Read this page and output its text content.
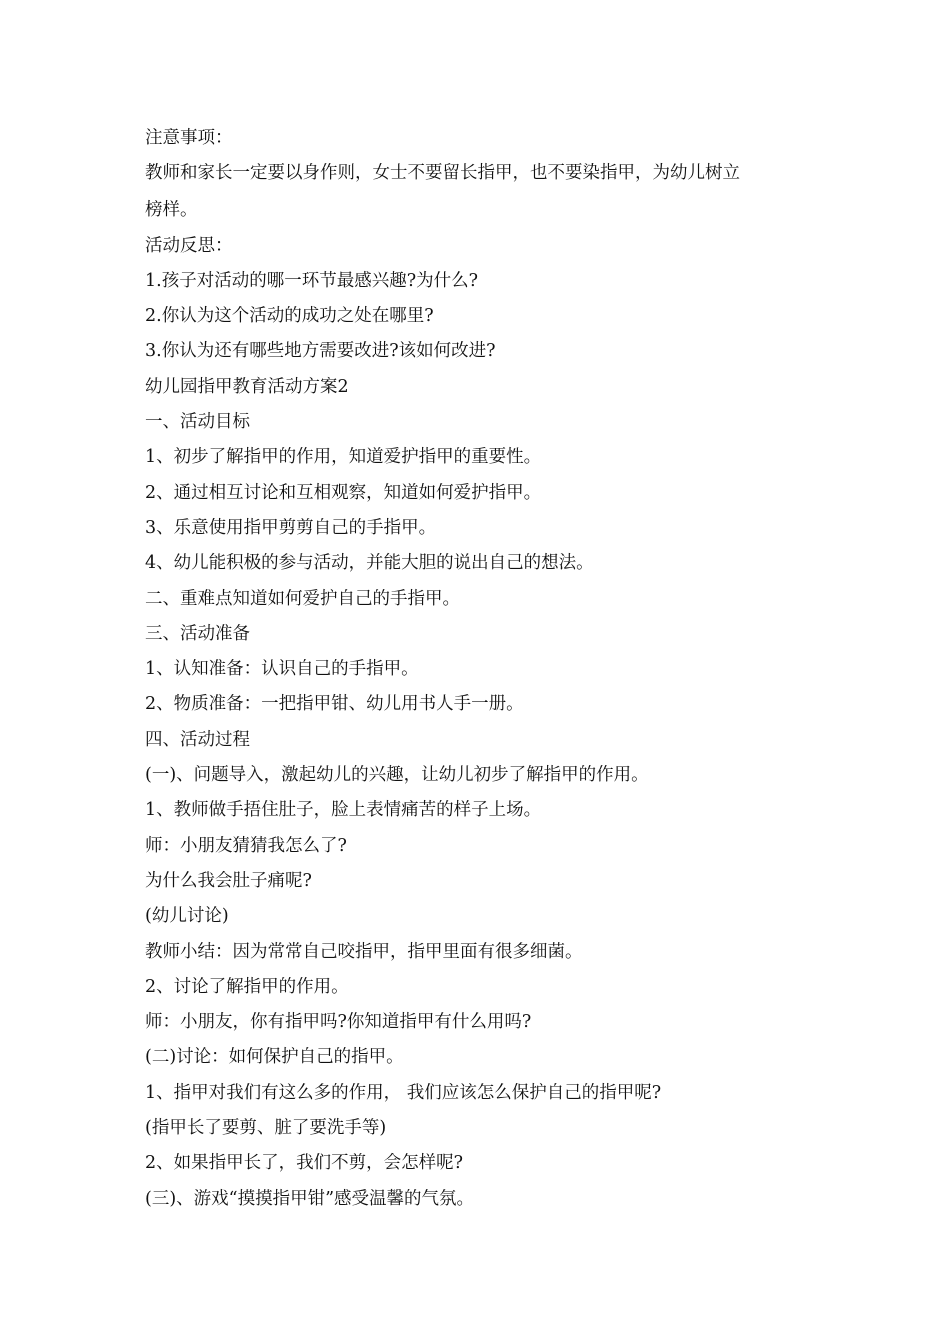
注意事项：
教师和家长一定要以身作则，女士不要留长指甲，也不要染指甲，为幼儿树立
榜样。
活动反思：
1.孩子对活动的哪一环节最感兴趣?为什么?
2.你认为这个活动的成功之处在哪里?
3.你认为还有哪些地方需要改进?该如何改进?
幼儿园指甲教育活动方案2
一、活动目标
1、初步了解指甲的作用，知道爱护指甲的重要性。
2、通过相互讨论和互相观察，知道如何爱护指甲。
3、乐意使用指甲剪剪自己的手指甲。
4、幼儿能积极的参与活动，并能大胆的说出自己的想法。
二、重难点知道如何爱护自己的手指甲。
三、活动准备
1、认知准备：认识自己的手指甲。
2、物质准备：一把指甲钳、幼儿用书人手一册。
四、活动过程
(一)、问题导入，激起幼儿的兴趣，让幼儿初步了解指甲的作用。
1、教师做手捂住肚子，脸上表情痛苦的样子上场。
师：小朋友猜猜我怎么了?
为什么我会肚子痛呢?
(幼儿讨论)
教师小结：因为常常自己咬指甲，指甲里面有很多细菌。
2、讨论了解指甲的作用。
师：小朋友，你有指甲吗?你知道指甲有什么用吗?
(二)讨论：如何保护自己的指甲。
1、指甲对我们有这么多的作用， 我们应该怎么保护自己的指甲呢?
(指甲长了要剪、脏了要洗手等)
2、如果指甲长了，我们不剪，会怎样呢?
(三)、游戏“摸摸指甲钳”感受温馨的气氛。
